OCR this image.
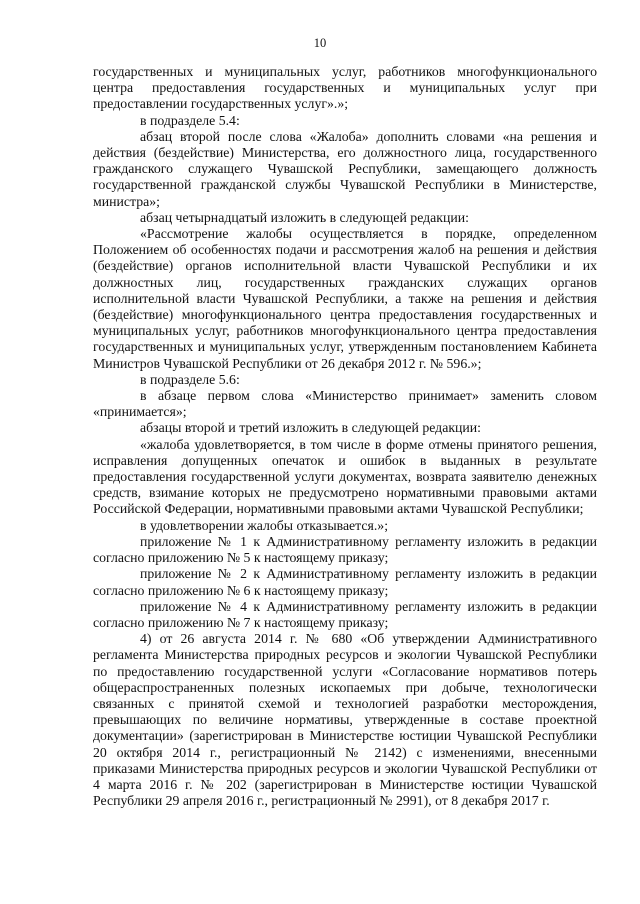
10

государственных и муниципальных услуг, работников многофункционального центра предоставления государственных и муниципальных услуг при предоставлении государственных услуг».»;

в подразделе 5.4:

абзац второй после слова «Жалоба» дополнить словами «на решения и действия (бездействие) Министерства, его должностного лица, государственного гражданского служащего Чувашской Республики, замещающего должность государственной гражданской службы Чувашской Республики в Министерстве, министра»;

абзац четырнадцатый изложить в следующей редакции:

«Рассмотрение жалобы осуществляется в порядке, определенном Положением об особенностях подачи и рассмотрения жалоб на решения и действия (бездействие) органов исполнительной власти Чувашской Республики и их должностных лиц, государственных гражданских служащих органов исполнительной власти Чувашской Республики, а также на решения и действия (бездействие) многофункционального центра предоставления государственных и муниципальных услуг, работников многофункционального центра предоставления государственных и муниципальных услуг, утвержденным постановлением Кабинета Министров Чувашской Республики от 26 декабря 2012 г. № 596.»;

в подразделе 5.6:

в абзаце первом слова «Министерство принимает» заменить словом «принимается»;

абзацы второй и третий изложить в следующей редакции:

«жалоба удовлетворяется, в том числе в форме отмены принятого решения, исправления допущенных опечаток и ошибок в выданных в результате предоставления государственной услуги документах, возврата заявителю денежных средств, взимание которых не предусмотрено нормативными правовыми актами Российской Федерации, нормативными правовыми актами Чувашской Республики;

в удовлетворении жалобы отказывается.»;

приложение № 1 к Административному регламенту изложить в редакции согласно приложению № 5 к настоящему приказу;

приложение № 2 к Административному регламенту изложить в редакции согласно приложению № 6 к настоящему приказу;

приложение № 4 к Административному регламенту изложить в редакции согласно приложению № 7 к настоящему приказу;

4) от 26 августа 2014 г. № 680 «Об утверждении Административного регламента Министерства природных ресурсов и экологии Чувашской Республики по предоставлению государственной услуги «Согласование нормативов потерь общераспространенных полезных ископаемых при добыче, технологически связанных с принятой схемой и технологией разработки месторождения, превышающих по величине нормативы, утвержденные в составе проектной документации» (зарегистрирован в Министерстве юстиции Чувашской Республики 20 октября 2014 г., регистрационный № 2142) с изменениями, внесенными приказами Министерства природных ресурсов и экологии Чувашской Республики от 4 марта 2016 г. № 202 (зарегистрирован в Министерстве юстиции Чувашской Республики 29 апреля 2016 г., регистрационный № 2991), от 8 декабря 2017 г.
